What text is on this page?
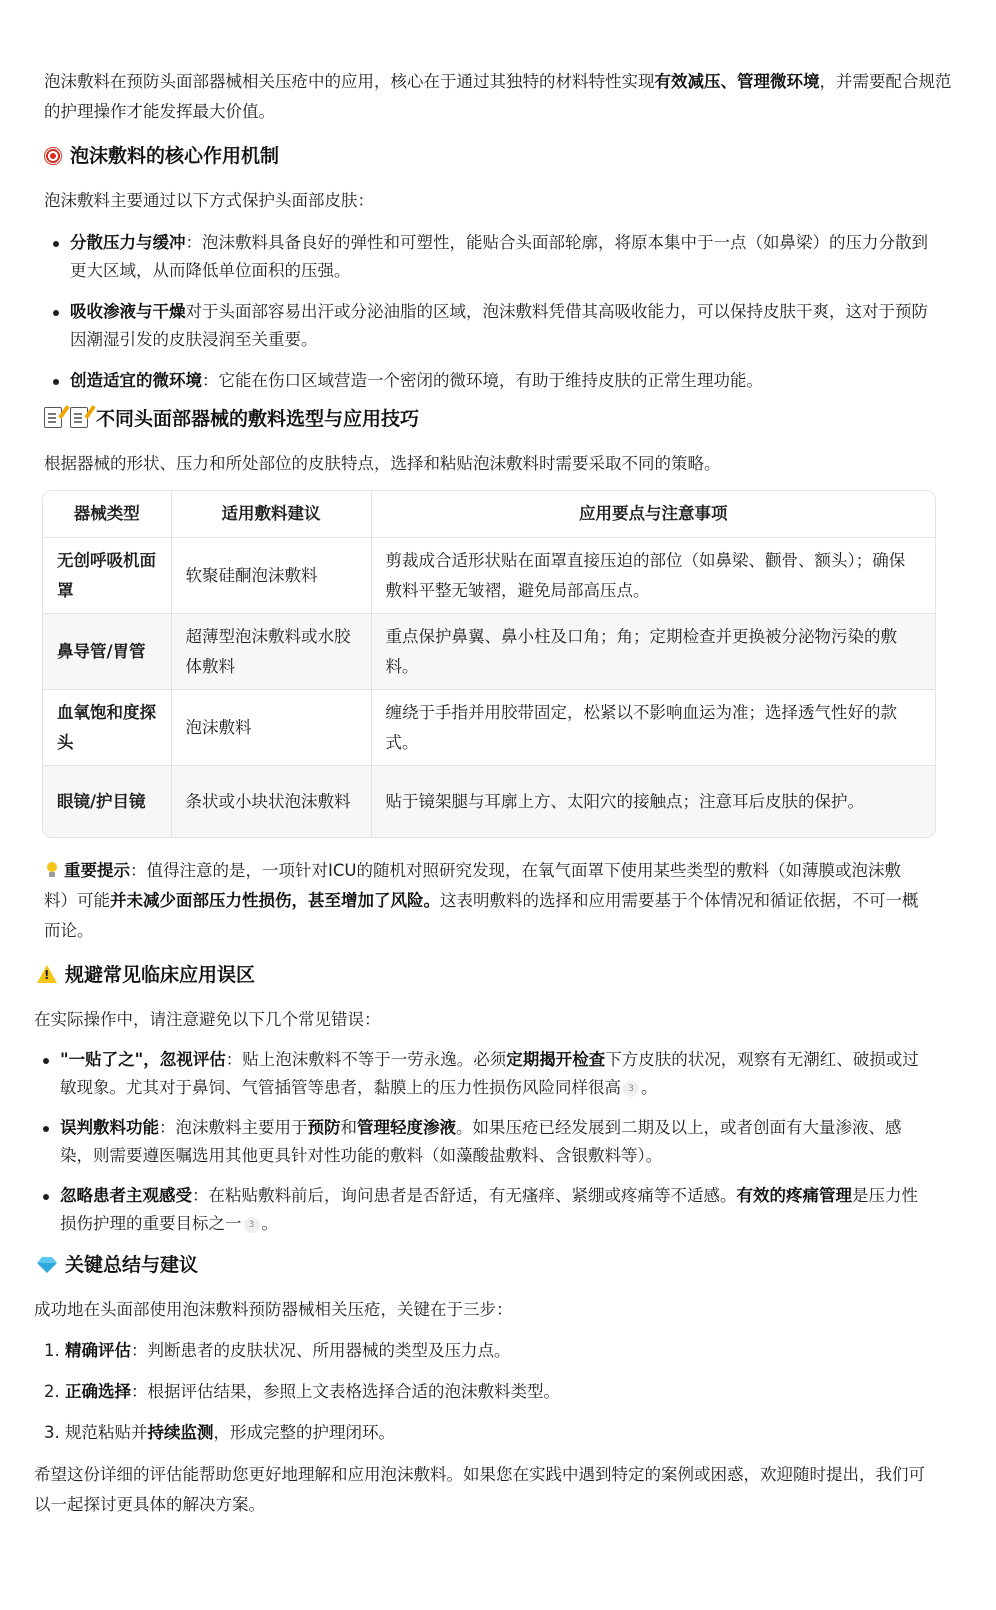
泡沫敷料在预防头面部器械相关压疮中的应用，核心在于通过其独特的材料特性实现有效减压、管理微环境，并需要配合规范的护理操作才能发挥最大价值。

泡沫敷料的核心作用机制

泡沫敷料主要通过以下方式保护头面部皮肤：

分散压力与缓冲：泡沫敷料具备良好的弹性和可塑性，能贴合头面部轮廓，将原本集中于一点（如鼻梁）的压力分散到更大区域，从而降低单位面积的压强。
吸收渗液与干燥对于头面部容易出汗或分泌油脂的区域，泡沫敷料凭借其高吸收能力，可以保持皮肤干爽，这对于预防因潮湿引发的皮肤浸润至关重要。
创造适宜的微环境：它能在伤口区域营造一个密闭的微环境，有助于维持皮肤的正常生理功能。
不同头面部器械的敷料选型与应用技巧

根据器械的形状、压力和所处部位的皮肤特点，选择和粘贴泡沫敷料时需要采取不同的策略。

器械类型	适用敷料建议	应用要点与注意事项
无创呼吸机面罩	软聚硅酮泡沫敷料	剪裁成合适形状贴在面罩直接压迫的部位（如鼻梁、颧骨、额头）；确保敷料平整无皱褶，避免局部高压点。
鼻导管/胃管	超薄型泡沫敷料或水胶体敷料	重点保护鼻翼、鼻小柱及口角；角；定期检查并更换被分泌物污染的敷料。
血氧饱和度探头	泡沫敷料	缠绕于手指并用胶带固定，松紧以不影响血运为准；选择透气性好的款式。
眼镜/护目镜	条状或小块状泡沫敷料	贴于镜架腿与耳廓上方、太阳穴的接触点；注意耳后皮肤的保护。

重要提示：值得注意的是，一项针对ICU的随机对照研究发现，在氧气面罩下使用某些类型的敷料（如薄膜或泡沫敷料）可能并未减少面部压力性损伤，甚至增加了风险。这表明敷料的选择和应用需要基于个体情况和循证依据，不可一概而论。

!规避常见临床应用误区

在实际操作中，请注意避免以下几个常见错误：

"一贴了之"，忽视评估：贴上泡沫敷料不等于一劳永逸。必须定期揭开检查下方皮肤的状况，观察有无潮红、破损或过敏现象。尤其对于鼻饲、气管插管等患者，黏膜上的压力性损伤风险同样很高 3 。
误判敷料功能：泡沫敷料主要用于预防和管理轻度渗液。如果压疮已经发展到二期及以上，或者创面有大量渗液、感染，则需要遵医嘱选用其他更具针对性功能的敷料（如藻酸盐敷料、含银敷料等）。
忽略患者主观感受：在粘贴敷料前后，询问患者是否舒适，有无瘙痒、紧绷或疼痛等不适感。有效的疼痛管理是压力性损伤护理的重要目标之一 3 。
关键总结与建议

成功地在头面部使用泡沫敷料预防器械相关压疮，关键在于三步：

1. 精确评估：判断患者的皮肤状况、所用器械的类型及压力点。
2. 正确选择：根据评估结果，参照上文表格选择合适的泡沫敷料类型。
3. 规范粘贴并持续监测，形成完整的护理闭环。

希望这份详细的评估能帮助您更好地理解和应用泡沫敷料。如果您在实践中遇到特定的案例或困惑，欢迎随时提出，我们可以一起探讨更具体的解决方案。
